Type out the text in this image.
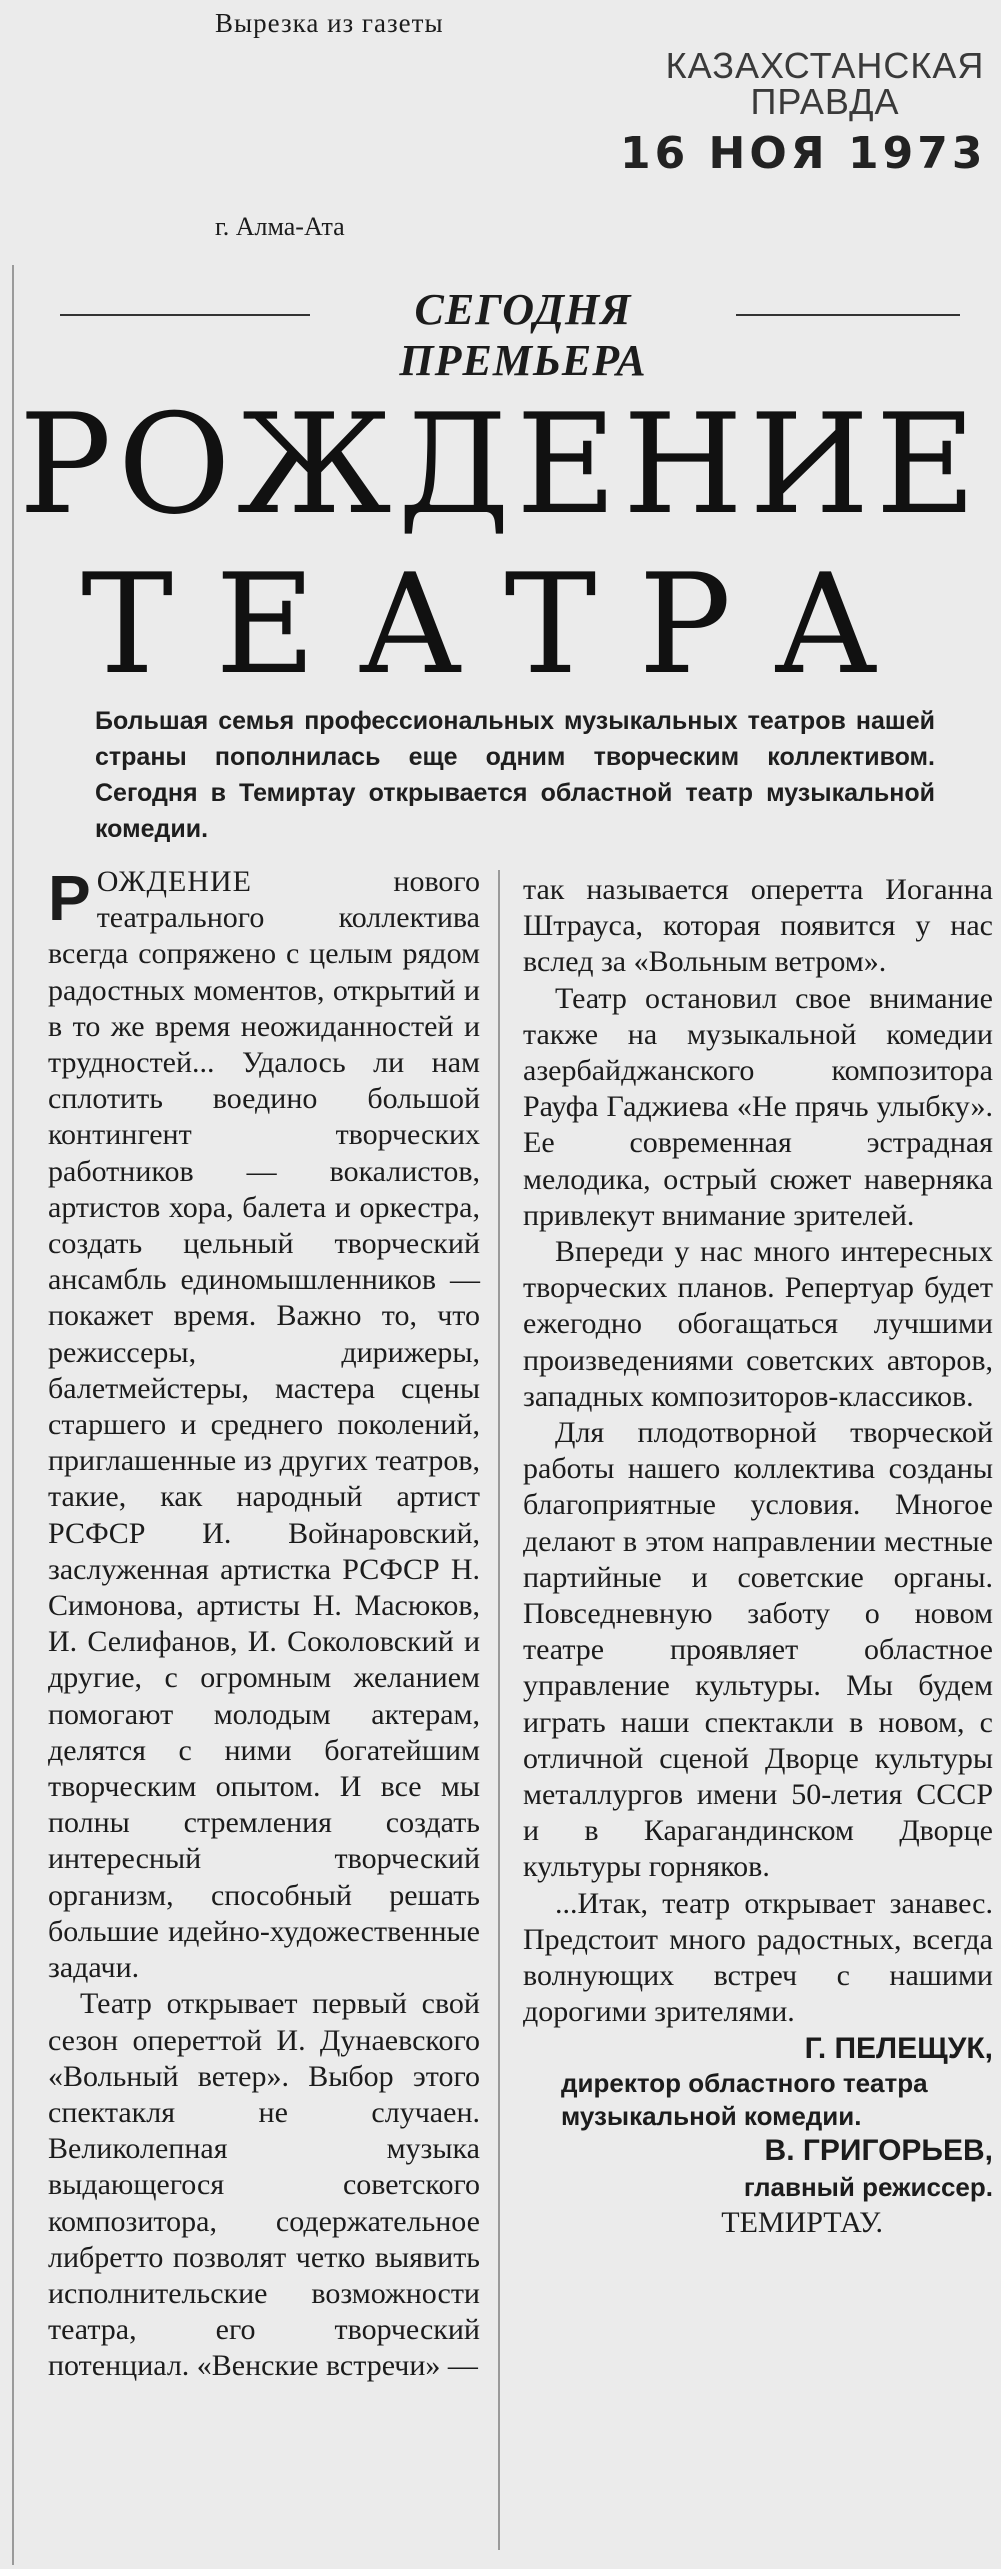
Вырезка из газеты
КАЗАХСТАНСКАЯ ПРАВДА
16 НОЯ 1973
г. Алма-Ата
СЕГОДНЯ ПРЕМЬЕРА
РОЖДЕНИЕ
ТЕАТРА
Большая семья профессиональных музыкальных театров нашей страны пополнилась еще одним творческим коллективом. Сегодня в Темиртау открывается областной театр музыкальной комедии.

РОЖДЕНИЕ	нового театрального коллектива всегда сопряжено с целым рядом радостных моментов, открытий и в то же время неожиданностей и трудностей... Удалось ли нам сплотить воедино большой контингент творческих работников — вокалистов, артистов хора, балета и оркестра, создать цельный творческий ансамбль единомышленников — покажет время. Важно то, что режиссеры, дирижеры, балетмейстеры, мастера сцены старшего и среднего поколений, приглашенные из других театров, такие, как народный артист РСФСР И. Войнаровский, заслуженная артистка РСФСР Н. Симонова, артисты Н. Масюков, И. Селифанов, И. Соколовский и другие, с огромным желанием помогают молодым актерам, делятся с ними богатейшим творческим опытом. И все мы полны стремления создать интересный творческий организм, способный решать большие идейно-художественные задачи.

Театр открывает первый свой сезон опереттой И. Дунаевского «Вольный ветер». Выбор этого спектакля не случаен. Великолепная музыка выдающегося советского композитора, содержательное либретто позволят четко выявить исполнительские возможности театра, его творческий потенциал. «Венские встречи» —

так называется оперетта Иоганна Штрауса, которая появится у нас вслед за «Вольным ветром».

Театр остановил свое внимание также на музыкальной комедии азербайджанского композитора Рауфа Гаджиева «Не прячь улыбку». Ее современная эстрадная мелодика, острый сюжет наверняка привлекут внимание зрителей.

Впереди у нас много интересных творческих планов. Репертуар будет ежегодно обогащаться лучшими произведениями советских авторов, западных композиторов-классиков.

Для плодотворной творческой работы нашего коллектива созданы благоприятные условия. Многое делают в этом направлении местные партийные и советские органы. Повседневную заботу о новом театре проявляет областное управление культуры. Мы будем играть наши спектакли в новом, с отличной сценой Дворце культуры металлургов имени 50-летия СССР и в Карагандинском Дворце культуры горняков.

...Итак, театр открывает занавес. Предстоит много радостных, всегда волнующих встреч с нашими дорогими зрителями.

Г. ПЕЛЕЩУК,

директор областного театра музыкальной комедии.

В. ГРИГОРЬЕВ,

главный режиссер.

ТЕМИРТАУ.
